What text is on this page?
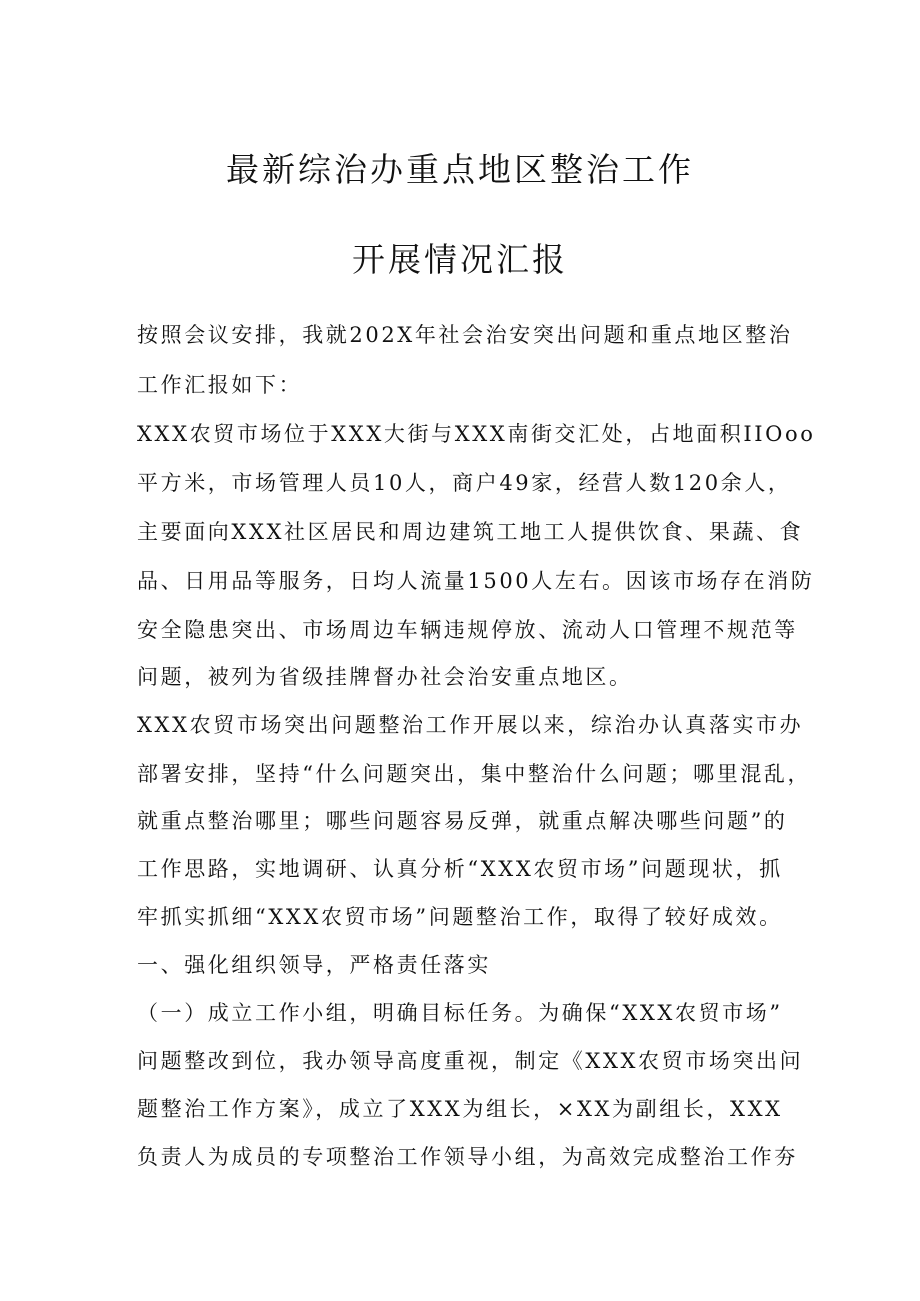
最新综治办重点地区整治工作
开展情况汇报

按照会议安排，我就202X年社会治安突出问题和重点地区整治

工作汇报如下：

XXX农贸市场位于XXX大街与XXX南街交汇处，占地面积IIOoo

平方米，市场管理人员10人，商户49家，经营人数120余人，

主要面向XXX社区居民和周边建筑工地工人提供饮食、果蔬、食

品、日用品等服务，日均人流量1500人左右。因该市场存在消防

安全隐患突出、市场周边车辆违规停放、流动人口管理不规范等

问题，被列为省级挂牌督办社会治安重点地区。

XXX农贸市场突出问题整治工作开展以来，综治办认真落实市办

部署安排，坚持“什么问题突出，集中整治什么问题；哪里混乱，

就重点整治哪里；哪些问题容易反弹，就重点解决哪些问题”的

工作思路，实地调研、认真分析“XXX农贸市场”问题现状，抓

牢抓实抓细“XXX农贸市场”问题整治工作，取得了较好成效。

一、强化组织领导，严格责任落实

（一）成立工作小组，明确目标任务。为确保“XXX农贸市场”

问题整改到位，我办领导高度重视，制定《XXX农贸市场突出问

题整治工作方案》，成立了XXX为组长，×XX为副组长，XXX

负责人为成员的专项整治工作领导小组，为高效完成整治工作夯
